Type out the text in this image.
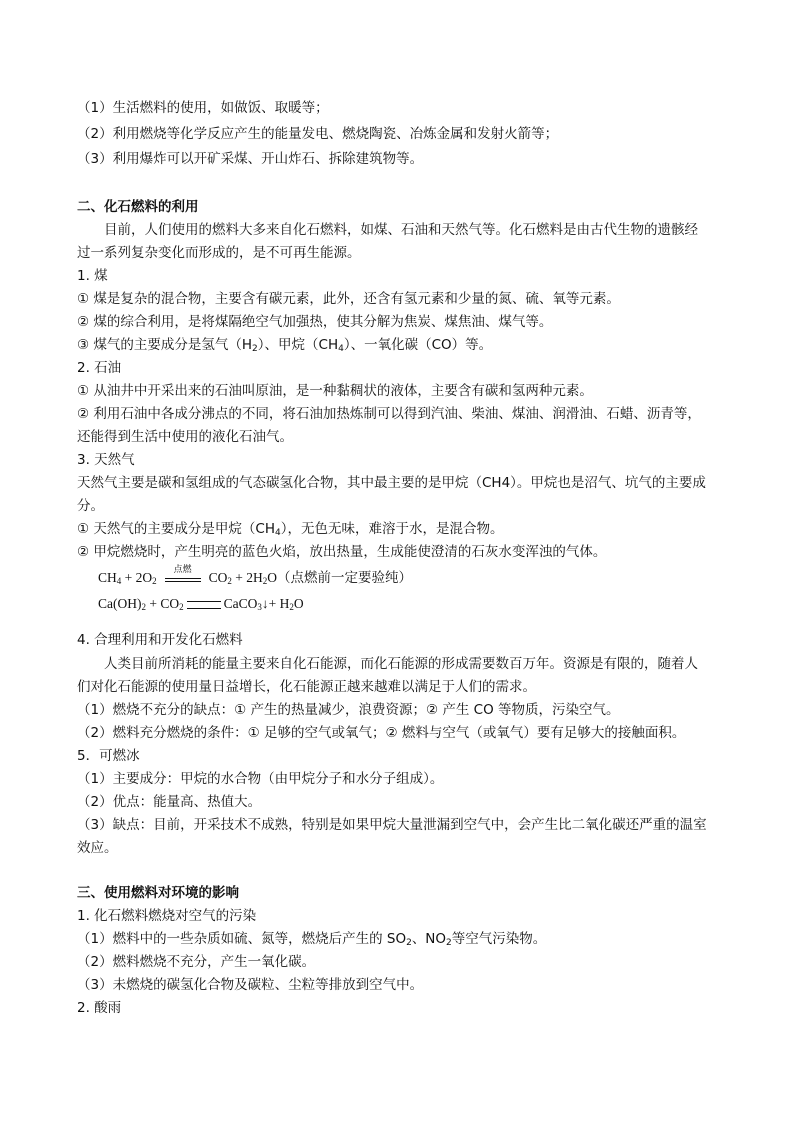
（1）生活燃料的使用，如做饭、取暖等；
（2）利用燃烧等化学反应产生的能量发电、燃烧陶瓷、冶炼金属和发射火箭等；
（3）利用爆炸可以开矿采煤、开山炸石、拆除建筑物等。
二、化石燃料的利用
目前，人们使用的燃料大多来自化石燃料，如煤、石油和天然气等。化石燃料是由古代生物的遗骸经
过一系列复杂变化而形成的，是不可再生能源。
1. 煤
① 煤是复杂的混合物，主要含有碳元素，此外，还含有氢元素和少量的氮、硫、氧等元素。
② 煤的综合利用，是将煤隔绝空气加强热，使其分解为焦炭、煤焦油、煤气等。
③ 煤气的主要成分是氢气$(H_2)$、甲烷$(CH_4)$、一氧化碳（CO）等。
2. 石油
① 从油井中开采出来的石油叫原油，是一种黏稠状的液体，主要含有碳和氢两种元素。
② 利用石油中各成分沸点的不同，将石油加热炼制可以得到汽油、柴油、煤油、润滑油、石蜡、沥青等，
还能得到生活中使用的液化石油气。
3. 天然气
天然气主要是碳和氢组成的气态碳氢化合物，其中最主要的是甲烷（CH4）。甲烷也是沼气、坑气的主要成
分。
① 天然气的主要成分是甲烷$(CH_4)$，无色无味，难溶于水，是混合物。
② 甲烷燃烧时，产生明亮的蓝色火焰，放出热量，生成能使澄清的石灰水变浑浊的气体。
$CH_4 + 2O_2$
点燃
$CO_2 + 2H_2O$（点燃前一定要验纯）
$Ca(OH)_2 + CO_2$	CaCO$_3$↓+ $H_2O$
4. 合理利用和开发化石燃料
人类目前所消耗的能量主要来自化石能源，而化石能源的形成需要数百万年。资源是有限的，随着人
们对化石能源的使用量日益增长，化石能源正越来越难以满足于人们的需求。
（1）燃烧不充分的缺点：① 产生的热量减少，浪费资源；② 产生 CO 等物质，污染空气。
（2）燃料充分燃烧的条件：① 足够的空气或氧气；② 燃料与空气（或氧气）要有足够大的接触面积。
5．可燃冰
（1）主要成分：甲烷的水合物（由甲烷分子和水分子组成）。
（2）优点：能量高、热值大。
（3）缺点：目前，开采技术不成熟，特别是如果甲烷大量泄漏到空气中，会产生比二氧化碳还严重的温室
效应。
三、使用燃料对环境的影响
1. 化石燃料燃烧对空气的污染
（1）燃料中的一些杂质如硫、氮等，燃烧后产生的 $SO_2$、$NO_2$等空气污染物。
（2）燃料燃烧不充分，产生一氧化碳。
（3）未燃烧的碳氢化合物及碳粒、尘粒等排放到空气中。
2. 酸雨
